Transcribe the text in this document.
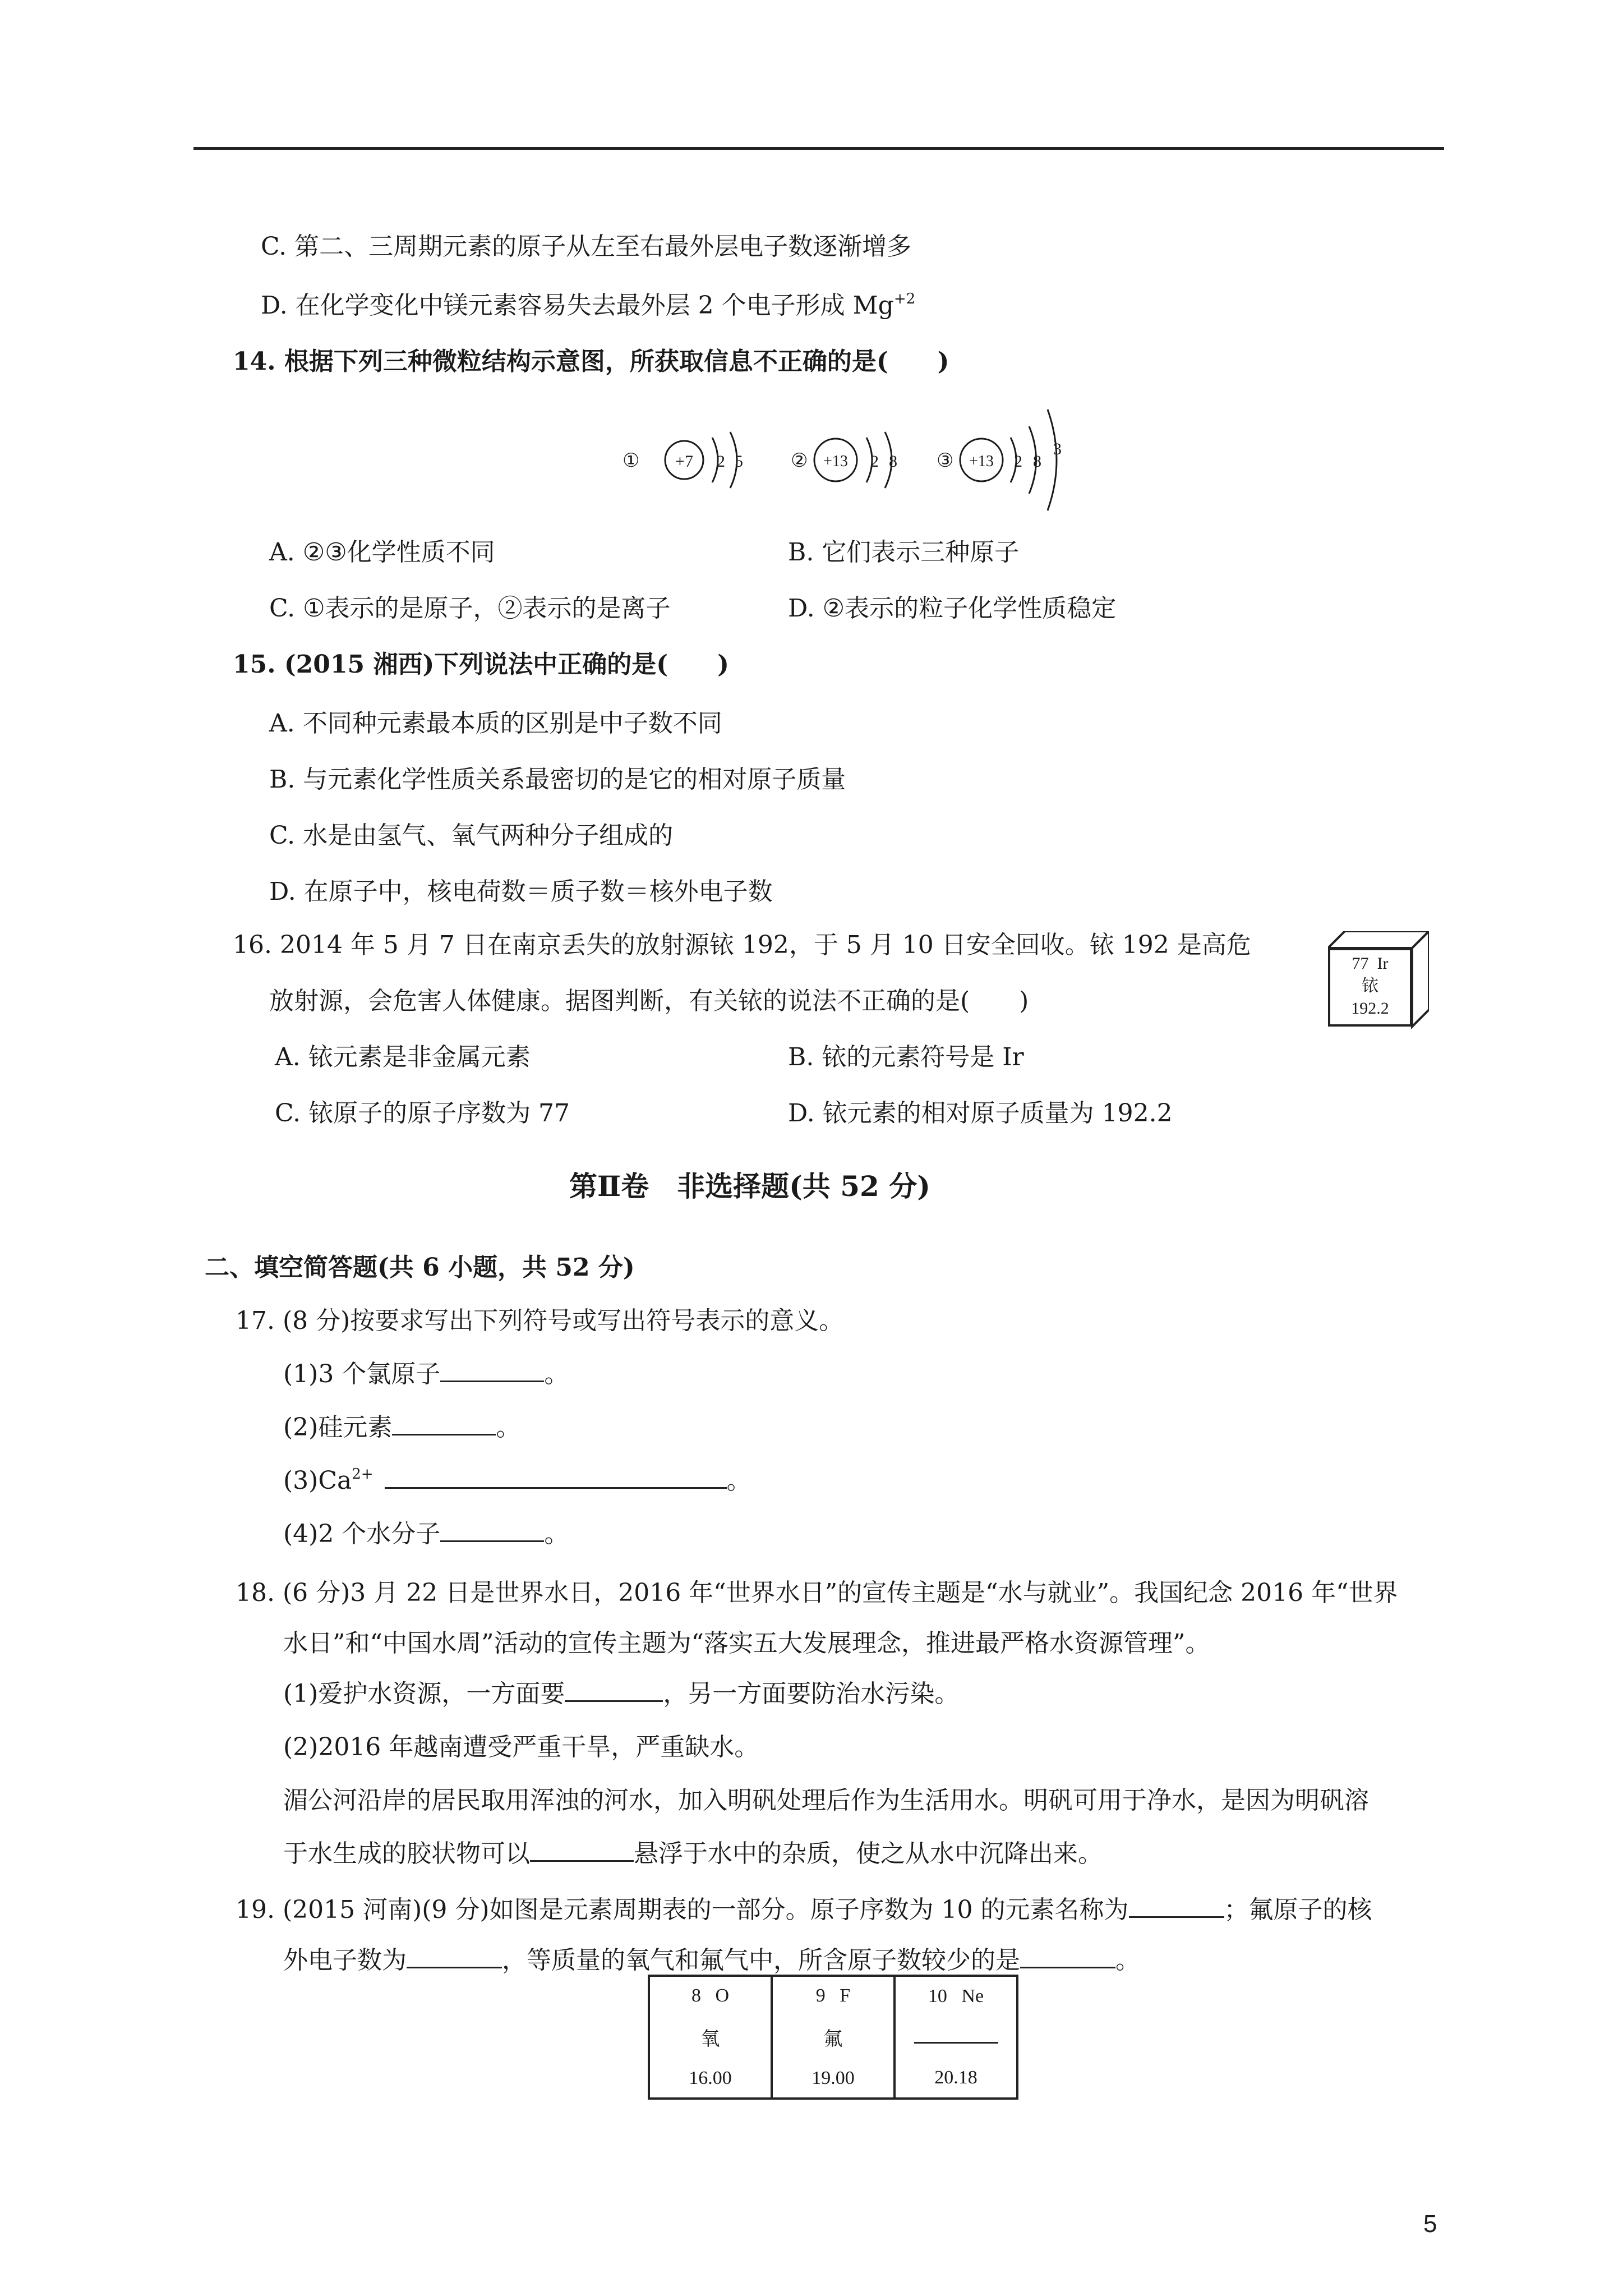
C. 第二、三周期元素的原子从左至右最外层电子数逐渐增多
D. 在化学变化中镁元素容易失去最外层 2 个电子形成 $Mg^{+2}$
14. 根据下列三种微粒结构示意图，所获取信息不正确的是(　　)
① +7 2 5	② +13 2 8 ③ +13 2 8
3
A. ②③化学性质不同	B. 它们表示三种原子
C. ①表示的是原子，②表示的是离子	D. ②表示的粒子化学性质稳定
15. (2015 湘西)下列说法中正确的是(　　)
A. 不同种元素最本质的区别是中子数不同
B. 与元素化学性质关系最密切的是它的相对原子质量
C. 水是由氢气、氧气两种分子组成的
D. 在原子中，核电荷数＝质子数＝核外电子数
16. 2014 年 5 月 7 日在南京丢失的放射源铱 192，于 5 月 10 日安全回收。铱 192 是高危
放射源，会危害人体健康。据图判断，有关铱的说法不正确的是(　　)
77 Ir
铱
192.2
A. 铱元素是非金属元素	B. 铱的元素符号是 Ir
C. 铱原子的原子序数为 77	D. 铱元素的相对原子质量为 192.2
第Ⅱ卷　非选择题(共 52 分)
二、填空简答题(共 6 小题，共 52 分)
17. (8 分)按要求写出下列符号或写出符号表示的意义。
(1)3 个氯原子	。
(2)硅元素	。
$(3)Ca^{2+}$	。
(4)2 个水分子	。
18. (6 分)3 月 22 日是世界水日，2016 年“世界水日”的宣传主题是“水与就业”。我国纪念 2016 年“世界
水日”和“中国水周”活动的宣传主题为“落实五大发展理念，推进最严格水资源管理”。
(1)爱护水资源，一方面要	，另一方面要防治水污染。
(2)2016 年越南遭受严重干旱，严重缺水。
湄公河沿岸的居民取用浑浊的河水，加入明矾处理后作为生活用水。明矾可用于净水，是因为明矾溶
于水生成的胶状物可以	悬浮于水中的杂质，使之从水中沉降出来。
19. (2015 河南)(9 分)如图是元素周期表的一部分。原子序数为 10 的元素名称为	；氟原子的核
外电子数为	，等质量的氧气和氟气中，所含原子数较少的是	。
8 O
氧
16.00

9 F
氟
19.00

10 Ne
20.18
5
